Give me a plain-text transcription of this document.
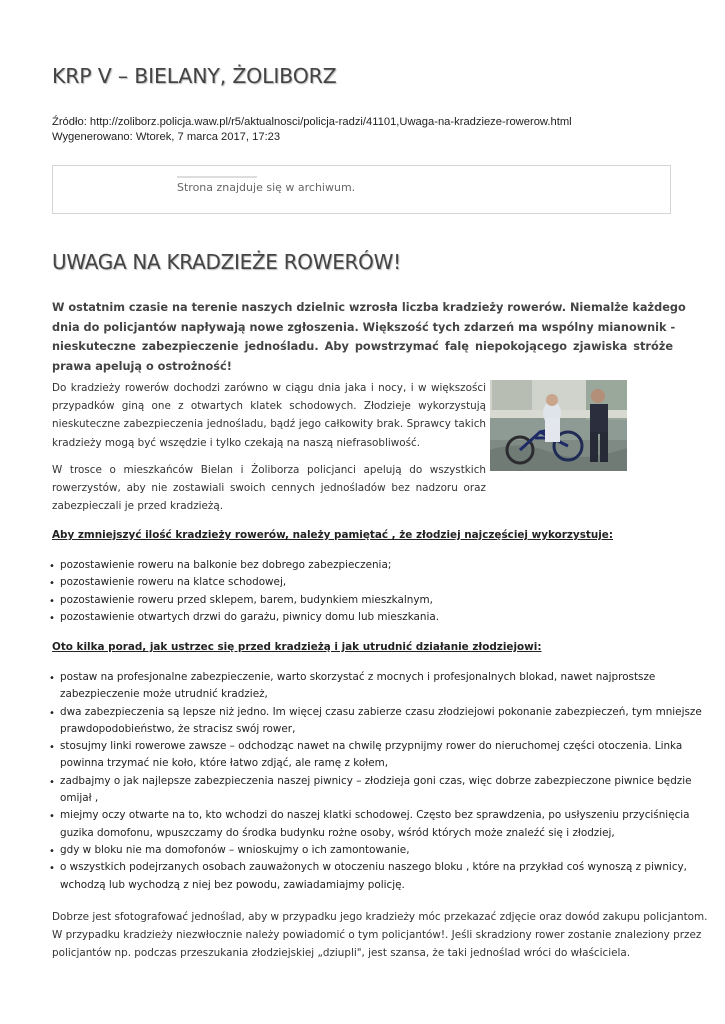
KRP V – BIELANY, ŻOLIBORZ
Źródło: http://zoliborz.policja.waw.pl/r5/aktualnosci/policja-radzi/41101,Uwaga-na-kradzieze-rowerow.html
Wygenerowano: Wtorek, 7 marca 2017, 17:23
Strona znajduje się w archiwum.
UWAGA NA KRADZIEŻE ROWERÓW!
W ostatnim czasie na terenie naszych dzielnic wzrosła liczba kradzieży rowerów. Niemalże każdego
dnia do policjantów napływają nowe zgłoszenia. Większość tych zdarzeń ma wspólny mianownik -
nieskuteczne zabezpieczenie jednośladu. Aby powstrzymać falę niepokojącego zjawiska stróże
prawa apelują o ostrożność!

Do kradzieży rowerów dochodzi zarówno w ciągu dnia jaka i nocy, i w większości przypadków giną one z otwartych klatek schodowych. Złodzieje wykorzystują nieskuteczne zabezpieczenia jednośladu, bądź jego całkowity brak. Sprawcy takich kradzieży mogą być wszędzie i tylko czekają na naszą niefrasobliwość.

W trosce o mieszkańców Bielan i Żoliborza policjanci apelują do wszystkich rowerzystów, aby nie zostawiali swoich cennych jednośladów bez nadzoru oraz zabezpieczali je przed kradzieżą.

Aby zmniejszyć ilość kradzieży rowerów, należy pamiętać , że złodziej najczęściej wykorzystuje:

• pozostawienie roweru na balkonie bez dobrego zabezpieczenia;
• pozostawienie roweru na klatce schodowej,
• pozostawienie roweru przed sklepem, barem, budynkiem mieszkalnym,
• pozostawienie otwartych drzwi do garażu, piwnicy domu lub mieszkania.

Oto kilka porad, jak ustrzec się przed kradzieżą i jak utrudnić działanie złodziejowi:

• postaw na profesjonalne zabezpieczenie, warto skorzystać z mocnych i profesjonalnych blokad, nawet najprostsze
zabezpieczenie może utrudnić kradzież,
• dwa zabezpieczenia są lepsze niż jedno. Im więcej czasu zabierze czasu złodziejowi pokonanie zabezpieczeń, tym mniejsze
prawdopodobieństwo, że stracisz swój rower,
• stosujmy linki rowerowe zawsze – odchodząc nawet na chwilę przypnijmy rower do nieruchomej części otoczenia. Linka
powinna trzymać nie koło, które łatwo zdjąć, ale ramę z kołem,
• zadbajmy o jak najlepsze zabezpieczenia naszej piwnicy – złodzieja goni czas, więc dobrze zabezpieczone piwnice będzie
omijał ,
• miejmy oczy otwarte na to, kto wchodzi do naszej klatki schodowej. Często bez sprawdzenia, po usłyszeniu przyciśnięcia
guzika domofonu, wpuszczamy do środka budynku rożne osoby, wśród których może znaleźć się i złodziej,
• gdy w bloku nie ma domofonów – wnioskujmy o ich zamontowanie,
• o wszystkich podejrzanych osobach zauważonych w otoczeniu naszego bloku , które na przykład coś wynoszą z piwnicy,
wchodzą lub wychodzą z niej bez powodu, zawiadamiajmy policję.
Dobrze jest sfotografować jednoślad, aby w przypadku jego kradzieży móc przekazać zdjęcie oraz dowód zakupu policjantom.
W przypadku kradzieży niezwłocznie należy powiadomić o tym policjantów!. Jeśli skradziony rower zostanie znaleziony przez
policjantów np. podczas przeszukania złodziejskiej „dziupli", jest szansa, że taki jednoślad wróci do właściciela.
